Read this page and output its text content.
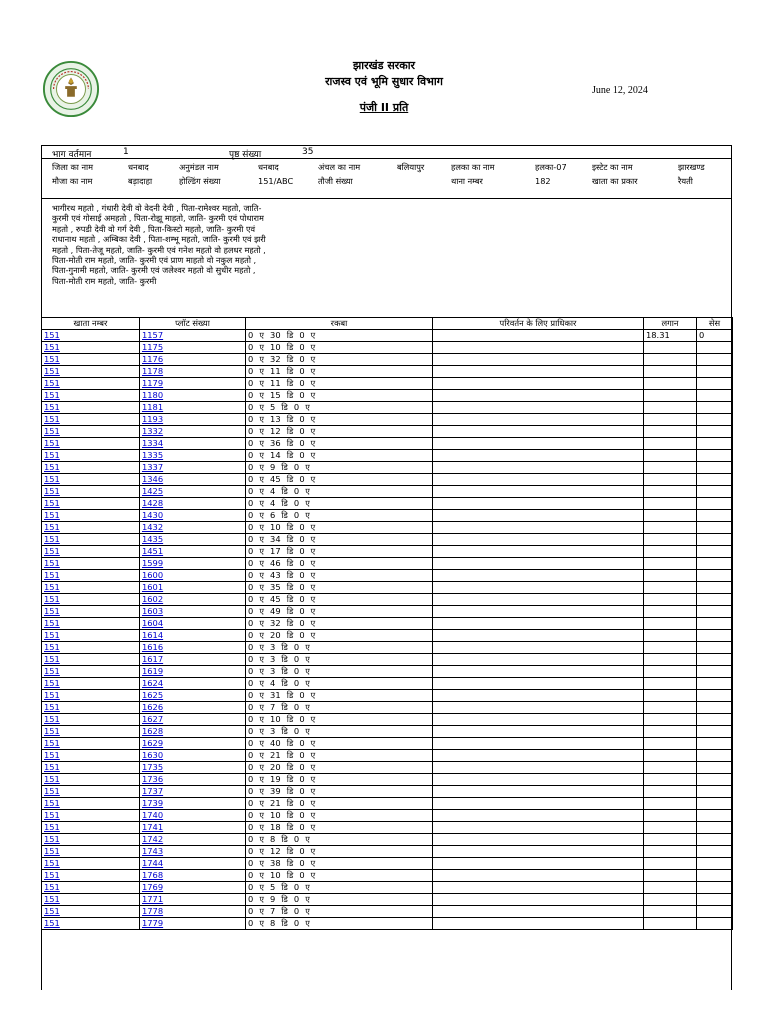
झारखंड सरकार
राजस्व एवं भूमि सुधार विभाग
पंजी II प्रति
June 12, 2024
भाग वर्तमान	1	पृष्ठ संख्या	35
जिला का नाम	धनबाद	अनुमंडल नाम	धनबाद	अंचल का नाम	बलियापुर	हलका का नाम	हलका-07	इस्टेट का नाम	झारखण्ड
मौजा का नाम	बड़ादाहा	होल्डिंग संख्या	151/ABC	तौजी संख्या	थाना नम्बर	182	खाता का प्रकार	रैयती
भागीरथ महतो , गंधारी देवी वो वेदनी देवी , पिता-रामेश्वर महतो, जाति- कुरमी एवं गोसाई अमहतो , पिता-रोझू माहतो, जाति- कुरमी एवं पोधाराम महतो , रुपडी देवी वो गर्ग देवी , पिता-किस्टो महतो, जाति- कुरमी एवं राधानाथ महतो , अम्बिका देवी , पिता-शम्भू महतो, जाति- कुरमी एवं झरी महतो , पिता-तेजू महतो, जाति- कुरमी एवं गनेश महतो वो हलधर महतो , पिता-मोती राम महतो, जाति- कुरमी एवं प्राण माहतो वो नकुल महतो , पिता-गुनामी महतो, जाति- कुरमी एवं जलेश्वर महतो वो सुधीर महतो , पिता-मोती राम महतो, जाति- कुरमी
खाता नम्बर	प्लॉट संख्या	रकबा	परिवर्तन के लिए प्राधिकार	लगान	सेस
151	1157	0 ए 30 डि 0 ए		18.31	0
151	1175	0 ए 10 डि 0 ए			
151	1176	0 ए 32 डि 0 ए			
151	1178	0 ए 11 डि 0 ए			
151	1179	0 ए 11 डि 0 ए			
151	1180	0 ए 15 डि 0 ए			
151	1181	0 ए 5 डि 0 ए			
151	1193	0 ए 13 डि 0 ए			
151	1332	0 ए 12 डि 0 ए			
151	1334	0 ए 36 डि 0 ए			
151	1335	0 ए 14 डि 0 ए			
151	1337	0 ए 9 डि 0 ए			
151	1346	0 ए 45 डि 0 ए			
151	1425	0 ए 4 डि 0 ए			
151	1428	0 ए 4 डि 0 ए			
151	1430	0 ए 6 डि 0 ए			
151	1432	0 ए 10 डि 0 ए			
151	1435	0 ए 34 डि 0 ए			
151	1451	0 ए 17 डि 0 ए			
151	1599	0 ए 46 डि 0 ए			
151	1600	0 ए 43 डि 0 ए			
151	1601	0 ए 35 डि 0 ए			
151	1602	0 ए 45 डि 0 ए			
151	1603	0 ए 49 डि 0 ए			
151	1604	0 ए 32 डि 0 ए			
151	1614	0 ए 20 डि 0 ए			
151	1616	0 ए 3 डि 0 ए			
151	1617	0 ए 3 डि 0 ए			
151	1619	0 ए 3 डि 0 ए			
151	1624	0 ए 4 डि 0 ए			
151	1625	0 ए 31 डि 0 ए			
151	1626	0 ए 7 डि 0 ए			
151	1627	0 ए 10 डि 0 ए			
151	1628	0 ए 3 डि 0 ए			
151	1629	0 ए 40 डि 0 ए			
151	1630	0 ए 21 डि 0 ए			
151	1735	0 ए 20 डि 0 ए			
151	1736	0 ए 19 डि 0 ए			
151	1737	0 ए 39 डि 0 ए			
151	1739	0 ए 21 डि 0 ए			
151	1740	0 ए 10 डि 0 ए			
151	1741	0 ए 18 डि 0 ए			
151	1742	0 ए 8 डि 0 ए			
151	1743	0 ए 12 डि 0 ए			
151	1744	0 ए 38 डि 0 ए			
151	1768	0 ए 10 डि 0 ए			
151	1769	0 ए 5 डि 0 ए			
151	1771	0 ए 9 डि 0 ए			
151	1778	0 ए 7 डि 0 ए			
151	1779	0 ए 8 डि 0 ए			
